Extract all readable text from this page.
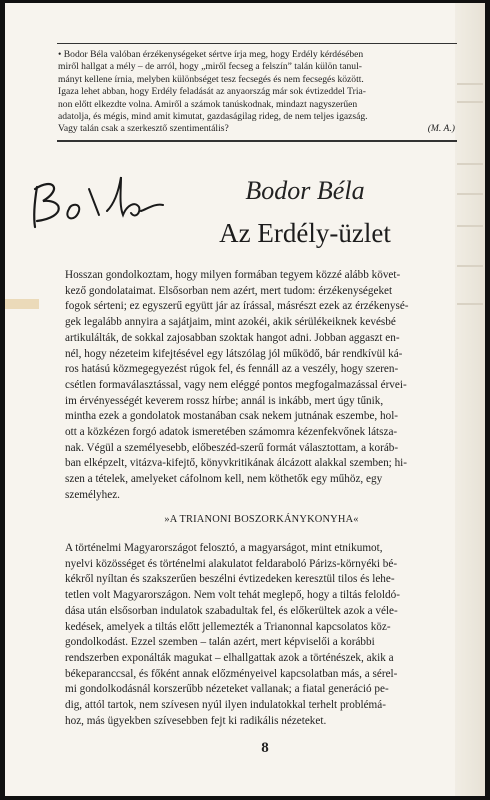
• Bodor Béla valóban érzékenységeket sértve írja meg, hogy Erdély kérdésében
miről hallgat a mély – de arról, hogy „miről fecseg a felszín” talán külön tanul-
mányt kellene írnia, melyben különbséget tesz fecsegés és nem fecsegés között.
Igaza lehet abban, hogy Erdély feladását az anyaország már sok évtizeddel Tria-
non előtt elkezdte volna. Amiről a számok tanúskodnak, mindazt nagyszerűen
adatolja, és mégis, mind amit kimutat, gazdaságilag rideg, de nem teljes igazság.
Vagy talán csak a szerkesztő szentimentális?	(M. A.)
Bodor Béla
Az Erdély-üzlet
Hosszan gondolkoztam, hogy milyen formában tegyem közzé alább követ-
kező gondolataimat. Elsősorban nem azért, mert tudom: érzékenységeket
fogok sérteni; ez egyszerű együtt jár az írással, másrészt ezek az érzékenysé-
gek legalább annyira a sajátjaim, mint azokéi, akik sérülékeiknek kevésbé
artikulálták, de sokkal zajosabban szoktak hangot adni. Jobban aggaszt en-
nél, hogy nézeteim kifejtésével egy látszólag jól működő, bár rendkívül ká-
ros hatású közmegegyezést rúgok fel, és fennáll az a veszély, hogy szeren-
csétlen formaválasztással, vagy nem eléggé pontos megfogalmazással érvei-
im érvényességét keverem rossz hírbe; annál is inkább, mert úgy tűnik,
mintha ezek a gondolatok mostanában csak nekem jutnának eszembe, hol-
ott a közkézen forgó adatok ismeretében számomra kézenfekvőnek látsza-
nak. Végül a személyesebb, előbeszéd-szerű formát választottam, a koráb-
ban elképzelt, vitázva-kifejtő, könyvkritikának álcázott alakkal szemben; hi-
szen a tételek, amelyeket cáfolnom kell, nem köthetők egy műhöz, egy
személyhez.
»A TRIANONI BOSZORKÁNYKONYHA«
A történelmi Magyarországot felosztó, a magyarságot, mint etnikumot,
nyelvi közösséget és történelmi alakulatot feldaraboló Párizs-környéki bé-
kékről nyíltan és szakszerűen beszélni évtizedeken keresztül tilos és lehe-
tetlen volt Magyarországon. Nem volt tehát meglepő, hogy a tiltás feloldó-
dása után elsősorban indulatok szabadultak fel, és előkerültek azok a véle-
kedések, amelyek a tiltás előtt jellemezték a Trianonnal kapcsolatos köz-
gondolkodást. Ezzel szemben – talán azért, mert képviselői a korábbi
rendszerben exponálták magukat – elhallgattak azok a történészek, akik a
békeparanccsal, és főként annak előzményeivel kapcsolatban más, a sérel-
mi gondolkodásnál korszerűbb nézeteket vallanak; a fiatal generáció pe-
dig, attól tartok, nem szívesen nyúl ilyen indulatokkal terhelt problémá-
hoz, más ügyekben szívesebben fejt ki radikális nézeteket.
8
